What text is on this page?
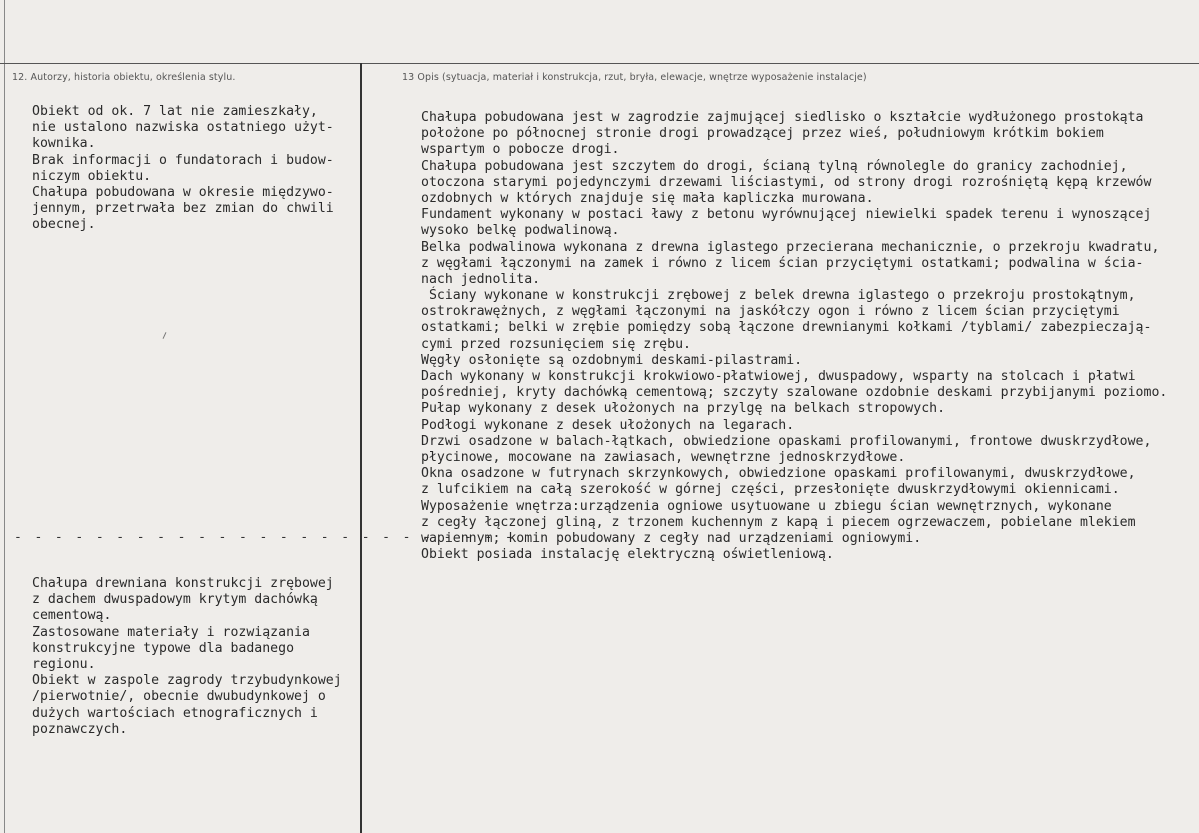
12. Autorzy, historia obiektu, określenia stylu.	13 Opis (sytuacja, materiał i konstrukcja, rzut, bryła, elewacje, wnętrze wyposażenie instalacje)
Obiekt od ok. 7 lat nie zamieszkały,
nie ustalono nazwiska ostatniego użyt-
kownika.
Brak informacji o fundatorach i budow-
niczym obiektu.
Chałupa pobudowana w okresie międzywo-
jennym, przetrwała bez zmian do chwili
obecnej.
- - - - - - - - - - - - - - - - - - - - - - - - -
Chałupa drewniana konstrukcji zrębowej
z dachem dwuspadowym krytym dachówką
cementową.
Zastosowane materiały i rozwiązania
konstrukcyjne typowe dla badanego
regionu.
Obiekt w zaspole zagrody trzybudynkowej
/pierwotnie/, obecnie dwubudynkowej o
dużych wartościach etnograficznych i
poznawczych.
Chałupa pobudowana jest w zagrodzie zajmującej siedlisko o kształcie wydłużonego prostokąta
położone po północnej stronie drogi prowadzącej przez wieś, południowym krótkim bokiem
wspartym o pobocze drogi.
Chałupa pobudowana jest szczytem do drogi, ścianą tylną równolegle do granicy zachodniej,
otoczona starymi pojedynczymi drzewami liściastymi, od strony drogi rozrośniętą kępą krzewów
ozdobnych w których znajduje się mała kapliczka murowana.
Fundament wykonany w postaci ławy z betonu wyrównującej niewielki spadek terenu i wynoszącej
wysoko belkę podwalinową.
Belka podwalinowa wykonana z drewna iglastego przecierana mechanicznie, o przekroju kwadratu,
z węgłami łączonymi na zamek i równo z licem ścian przyciętymi ostatkami; podwalina w ścia-
nach jednolita.
Ściany wykonane w konstrukcji zrębowej z belek drewna iglastego o przekroju prostokątnym,
ostrokrawężnych, z węgłami łączonymi na jaskółczy ogon i równo z licem ścian przyciętymi
ostatkami; belki w zrębie pomiędzy sobą łączone drewnianymi kołkami /tyblami/ zabezpieczają-
cymi przed rozsunięciem się zrębu.
Węgły osłonięte są ozdobnymi deskami-pilastrami.
Dach wykonany w konstrukcji krokwiowo-płatwiowej, dwuspadowy, wsparty na stolcach i płatwi
pośredniej, kryty dachówką cementową; szczyty szalowane ozdobnie deskami przybijanymi poziomo.
Pułap wykonany z desek ułożonych na przylgę na belkach stropowych.
Podłogi wykonane z desek ułożonych na legarach.
Drzwi osadzone w balach-łątkach, obwiedzione opaskami profilowanymi, frontowe dwuskrzydłowe,
płycinowe, mocowane na zawiasach, wewnętrzne jednoskrzydłowe.
Okna osadzone w futrynach skrzynkowych, obwiedzione opaskami profilowanymi, dwuskrzydłowe,
z lufcikiem na całą szerokość w górnej części, przesłonięte dwuskrzydłowymi okiennicami.
Wyposażenie wnętrza:urządzenia ogniowe usytuowane u zbiegu ścian wewnętrznych, wykonane
z cegły łączonej gliną, z trzonem kuchennym z kapą i piecem ogrzewaczem, pobielane mlekiem
wapiennym; komin pobudowany z cegły nad urządzeniami ogniowymi.
Obiekt posiada instalację elektryczną oświetleniową.
